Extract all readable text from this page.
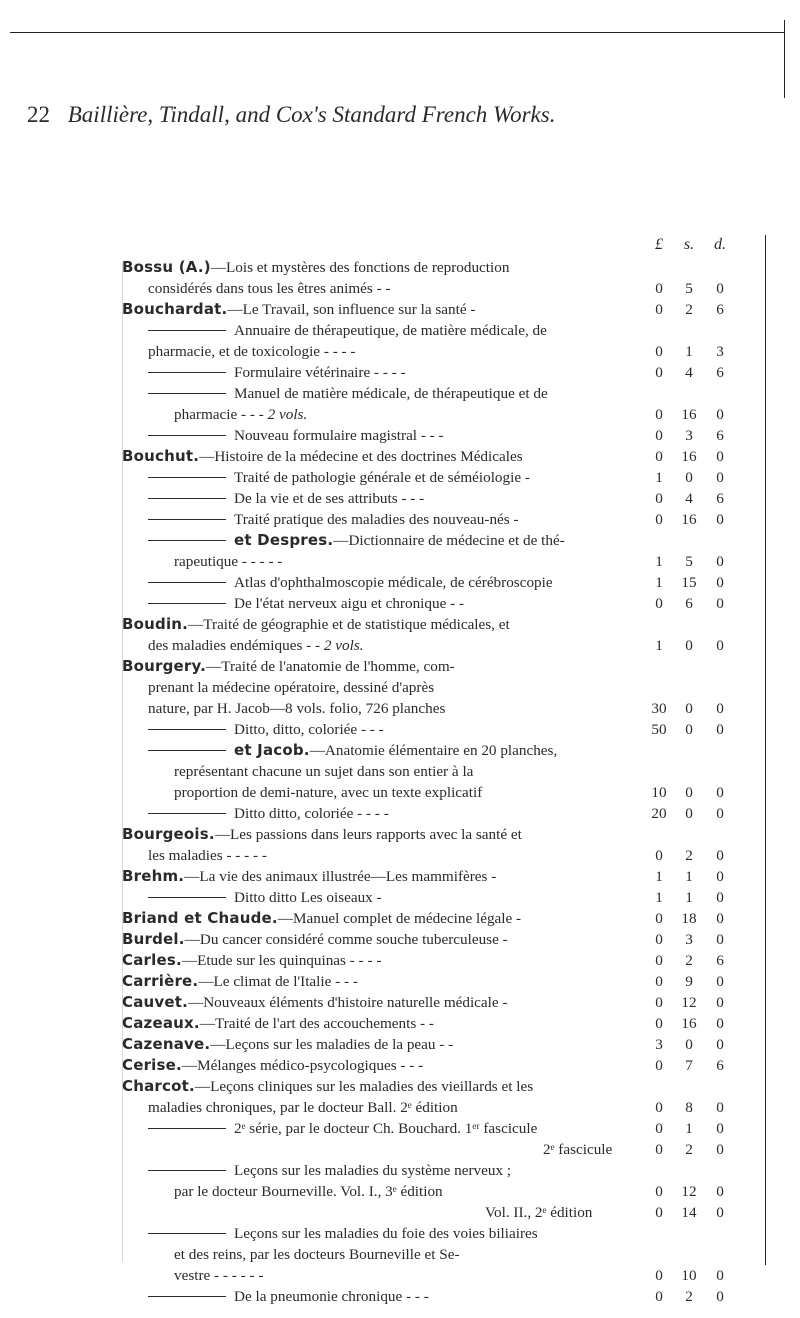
22 Baillière, Tindall, and Cox's Standard French Works.
£	s.	d.
Bossu (A.)—Lois et mystères des fonctions de reproduction
considérés dans tous les êtres animés - -	0	5	0
Bouchardat.—Le Travail, son influence sur la santé -	0	2	6
Annuaire de thérapeutique, de matière médicale, de
pharmacie, et de toxicologie - - - -	0	1	3
Formulaire vétérinaire - - - -	0	4	6
Manuel de matière médicale, de thérapeutique et de
pharmacie - - - 2 vols.	0	16	0
Nouveau formulaire magistral - - -	0	3	6
Bouchut.—Histoire de la médecine et des doctrines Médicales	0	16	0
Traité de pathologie générale et de séméiologie -	1	0	0
De la vie et de ses attributs - - -	0	4	6
Traité pratique des maladies des nouveau-nés -	0	16	0
et Despres.—Dictionnaire de médecine et de thé-
rapeutique - - - - -	1	5	0
Atlas d'ophthalmoscopie médicale, de cérébroscopie	1	15	0
De l'état nerveux aigu et chronique - -	0	6	0
Boudin.—Traité de géographie et de statistique médicales, et
des maladies endémiques - - 2 vols.	1	0	0
Bourgery.—Traité de l'anatomie de l'homme, com-
prenant la médecine opératoire, dessiné d'après
nature, par H. Jacob—8 vols. folio, 726 planches	30	0	0
Ditto, ditto, coloriée - - -	50	0	0
et Jacob.—Anatomie élémentaire en 20 planches,
représentant chacune un sujet dans son entier à la
proportion de demi-nature, avec un texte explicatif	10	0	0
Ditto ditto, coloriée - - - -	20	0	0
Bourgeois.—Les passions dans leurs rapports avec la santé et
les maladies - - - - -	0	2	0
Brehm.—La vie des animaux illustrée—Les mammifères -	1	1	0
Ditto ditto Les oiseaux -	1	1	0
Briand et Chaude.—Manuel complet de médecine légale -	0	18	0
Burdel.—Du cancer considéré comme souche tuberculeuse -	0	3	0
Carles.—Etude sur les quinquinas - - - -	0	2	6
Carrière.—Le climat de l'Italie - - -	0	9	0
Cauvet.—Nouveaux éléments d'histoire naturelle médicale -	0	12	0
Cazeaux.—Traité de l'art des accouchements - -	0	16	0
Cazenave.—Leçons sur les maladies de la peau - -	3	0	0
Cerise.—Mélanges médico-psycologiques - - -	0	7	6
Charcot.—Leçons cliniques sur les maladies des vieillards et les
maladies chroniques, par le docteur Ball. 2ᵉ édition	0	8	0
2ᵉ série, par le docteur Ch. Bouchard. 1ᵉʳ fascicule	0	1	0
2ᵉ fascicule	0	2	0
Leçons sur les maladies du système nerveux ;
par le docteur Bourneville. Vol. I., 3ᵉ édition	0	12	0
Vol. II., 2ᵉ édition	0	14	0
Leçons sur les maladies du foie des voies biliaires
et des reins, par les docteurs Bourneville et Se-
vestre - - - - - -	0	10	0
De la pneumonie chronique - - -	0	2	0
